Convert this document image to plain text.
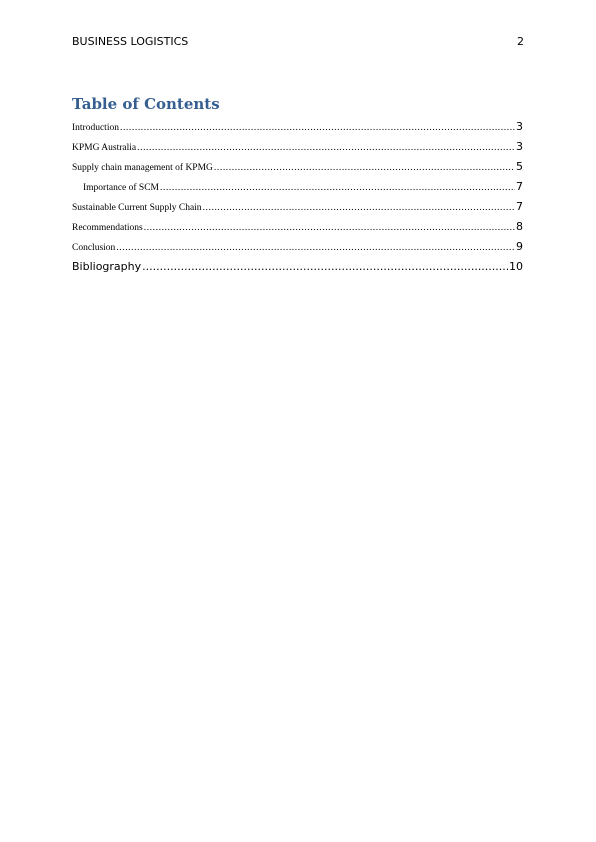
BUSINESS LOGISTICS	2
Table of Contents
Introduction .....	3
KPMG Australia .....	3
Supply chain management of KPMG .....	5
Importance of SCM .....	7
Sustainable Current Supply Chain .....	7
Recommendations .....	8
Conclusion .....	9
Bibliography .....	10
